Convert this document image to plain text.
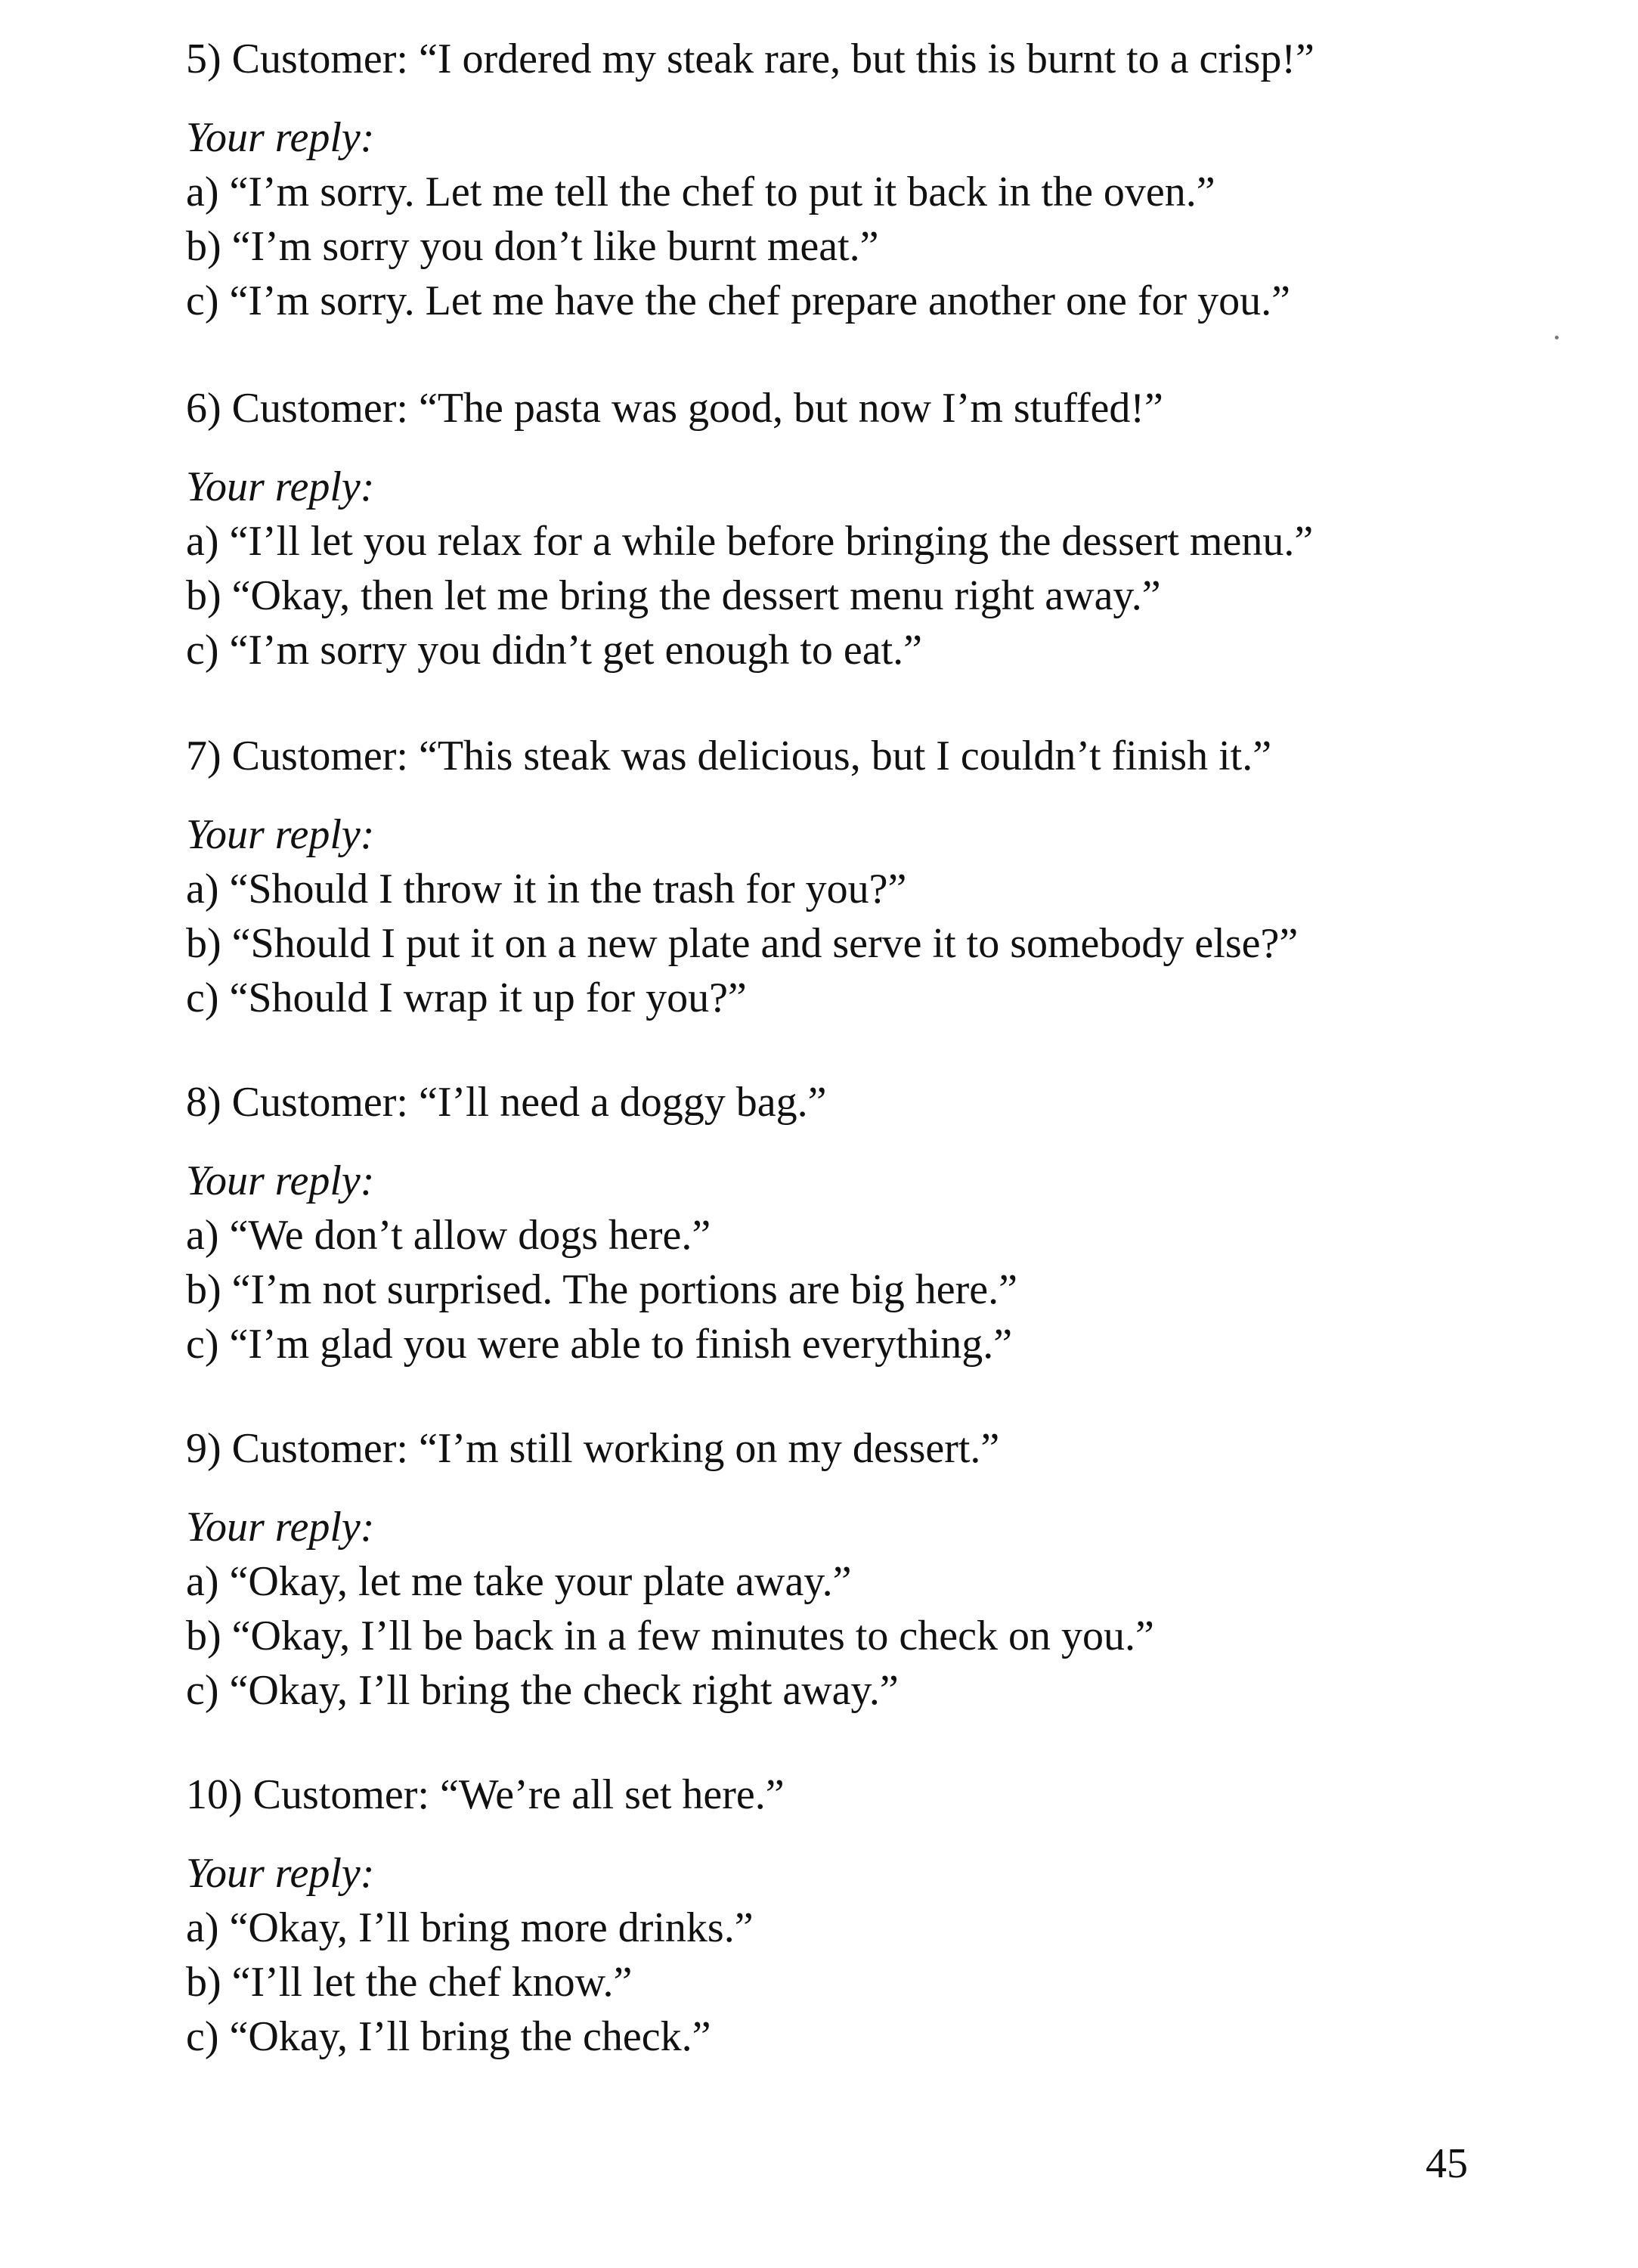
5) Customer: “I ordered my steak rare, but this is burnt to a crisp!”

Your reply:

a) “I’m sorry. Let me tell the chef to put it back in the oven.”

b) “I’m sorry you don’t like burnt meat.”

c) “I’m sorry. Let me have the chef prepare another one for you.”

6) Customer: “The pasta was good, but now I’m stuffed!”

Your reply:

a) “I’ll let you relax for a while before bringing the dessert menu.”

b) “Okay, then let me bring the dessert menu right away.”

c) “I’m sorry you didn’t get enough to eat.”

7) Customer: “This steak was delicious, but I couldn’t finish it.”

Your reply:

a) “Should I throw it in the trash for you?”

b) “Should I put it on a new plate and serve it to somebody else?”

c) “Should I wrap it up for you?”

8) Customer: “I’ll need a doggy bag.”

Your reply:

a) “We don’t allow dogs here.”

b) “I’m not surprised. The portions are big here.”

c) “I’m glad you were able to finish everything.”

9) Customer: “I’m still working on my dessert.”

Your reply:

a) “Okay, let me take your plate away.”

b) “Okay, I’ll be back in a few minutes to check on you.”

c) “Okay, I’ll bring the check right away.”

10) Customer: “We’re all set here.”

Your reply:

a) “Okay, I’ll bring more drinks.”

b) “I’ll let the chef know.”

c) “Okay, I’ll bring the check.”

45
